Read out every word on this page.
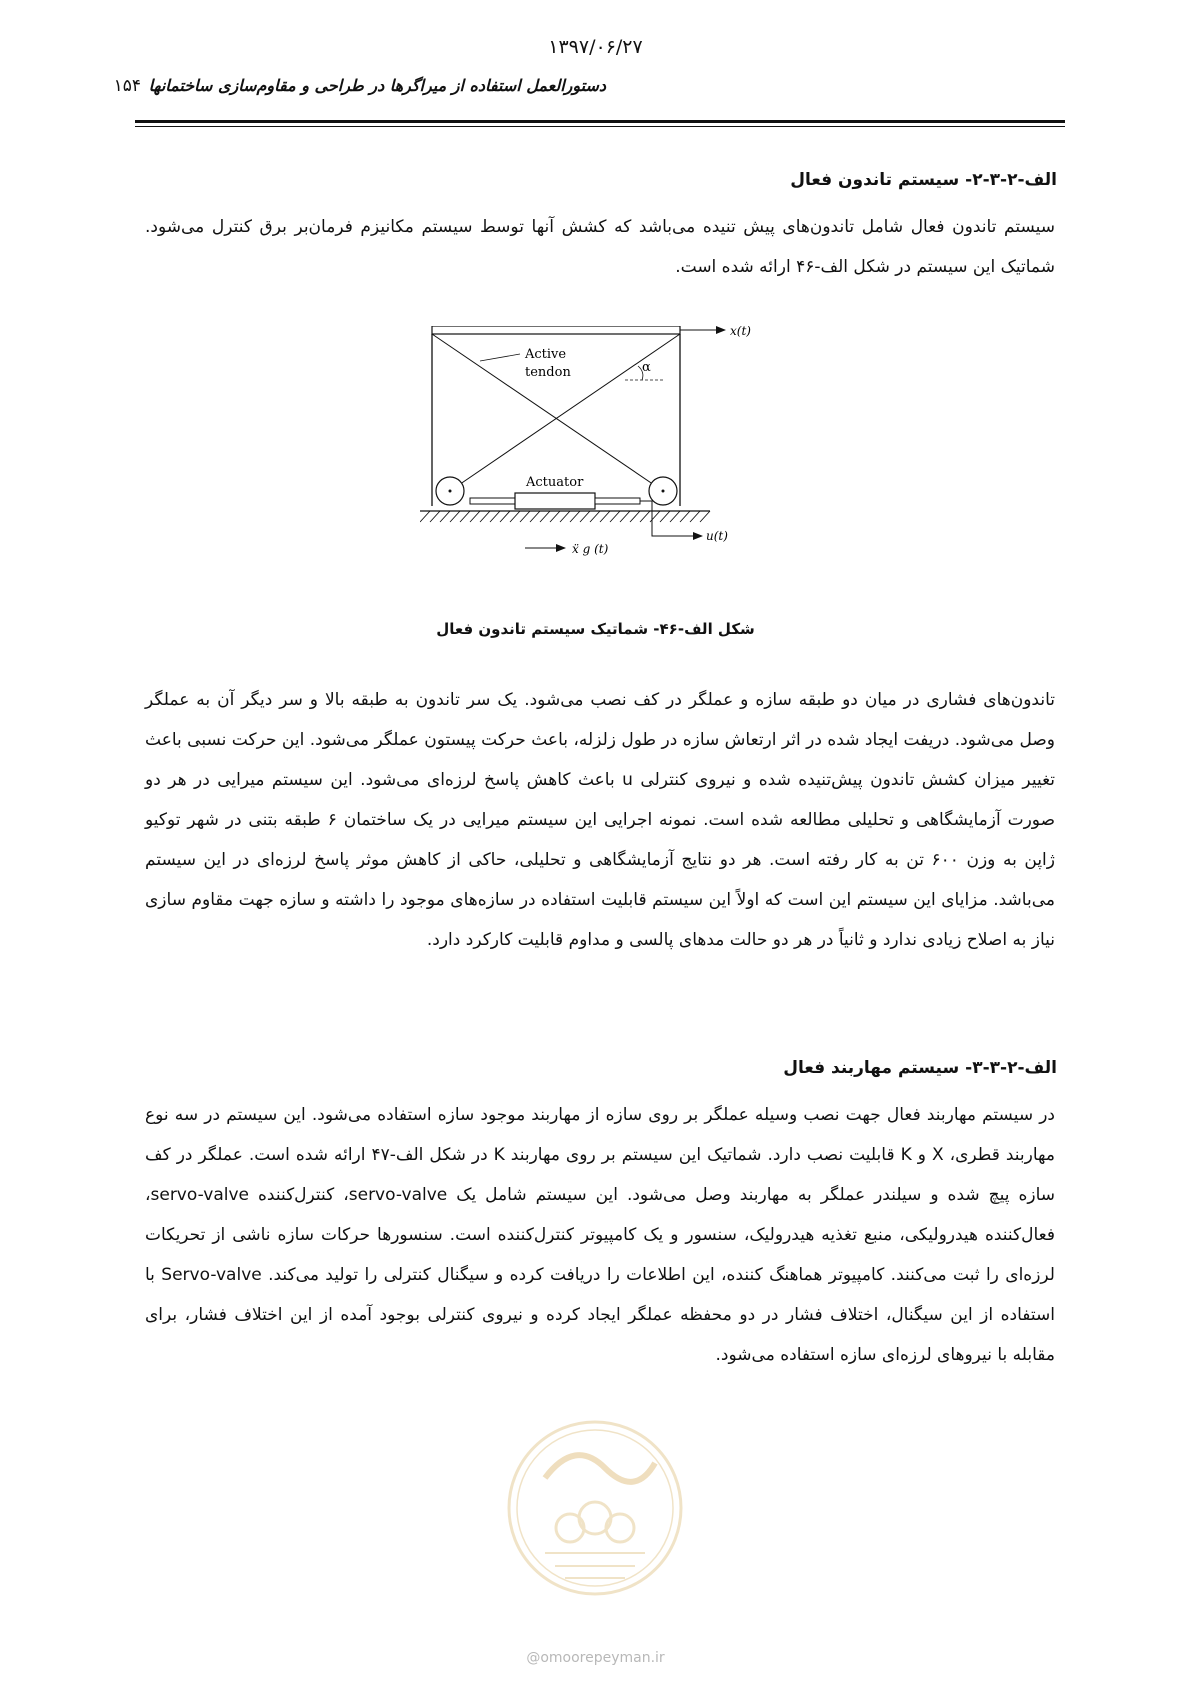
۱۳۹۷/۰۶/۲۷
دستورالعمل استفاده از میراگرها در طراحی و مقاوم‌سازی ساختمانها
۱۵۴
الف-۲-۳-۲- سیستم تاندون فعال
سیستم تاندون فعال شامل تاندون‌های پیش تنیده می‌باشد که کشش آنها توسط سیستم مکانیزم فرمان‌بر برق کنترل می‌شود. شماتیک این سیستم در شکل الف-۴۶ ارائه شده است.
x(t)
Active
tendon	α
Actuator
u(t)
ẍ g (t)
شکل الف-۴۶- شماتیک سیستم تاندون فعال
تاندون‌های فشاری در میان دو طبقه سازه و عملگر در کف نصب می‌شود. یک سر تاندون به طبقه بالا و سر دیگر آن به عملگر وصل می‌شود. دریفت ایجاد شده در اثر ارتعاش سازه در طول زلزله، باعث حرکت پیستون عملگر می‌شود. این حرکت نسبی باعث تغییر میزان کشش تاندون پیش‌تنیده شده و نیروی کنترلی u باعث کاهش پاسخ لرزه‌ای می‌شود. این سیستم میرایی در هر دو صورت آزمایشگاهی و تحلیلی مطالعه شده است. نمونه اجرایی این سیستم میرایی در یک ساختمان ۶ طبقه بتنی در شهر توکیو ژاپن به وزن ۶۰۰ تن به کار رفته است. هر دو نتایج آزمایشگاهی و تحلیلی، حاکی از کاهش موثر پاسخ لرزه‌ای در این سیستم می‌باشد. مزایای این سیستم این است که اولاً این سیستم قابلیت استفاده در سازه‌های موجود را داشته و سازه جهت مقاوم سازی نیاز به اصلاح زیادی ندارد و ثانیاً در هر دو حالت مدهای پالسی و مداوم قابلیت کارکرد دارد.
الف-۲-۳-۳- سیستم مهاربند فعال
در سیستم مهاربند فعال جهت نصب وسیله عملگر بر روی سازه از مهاربند موجود سازه استفاده می‌شود. این سیستم در سه نوع مهاربند قطری، X و K قابلیت نصب دارد. شماتیک این سیستم بر روی مهاربند K در شکل الف-۴۷ ارائه شده است. عملگر در کف سازه پیچ شده و سیلندر عملگر به مهاربند وصل می‌شود. این سیستم شامل یک servo-valve، کنترل‌کننده servo-valve، فعال‌کننده هیدرولیکی، منبع تغذیه هیدرولیک، سنسور و یک کامپیوتر کنترل‌کننده است. سنسورها حرکات سازه ناشی از تحریکات لرزه‌ای را ثبت می‌کنند. کامپیوتر هماهنگ کننده، این اطلاعات را دریافت کرده و سیگنال کنترلی را تولید می‌کند. Servo-valve با استفاده از این سیگنال، اختلاف فشار در دو محفظه عملگر ایجاد کرده و نیروی کنترلی بوجود آمده از این اختلاف فشار، برای مقابله با نیروهای لرزه‌ای سازه استفاده می‌شود.
@omoorepeyman.ir
